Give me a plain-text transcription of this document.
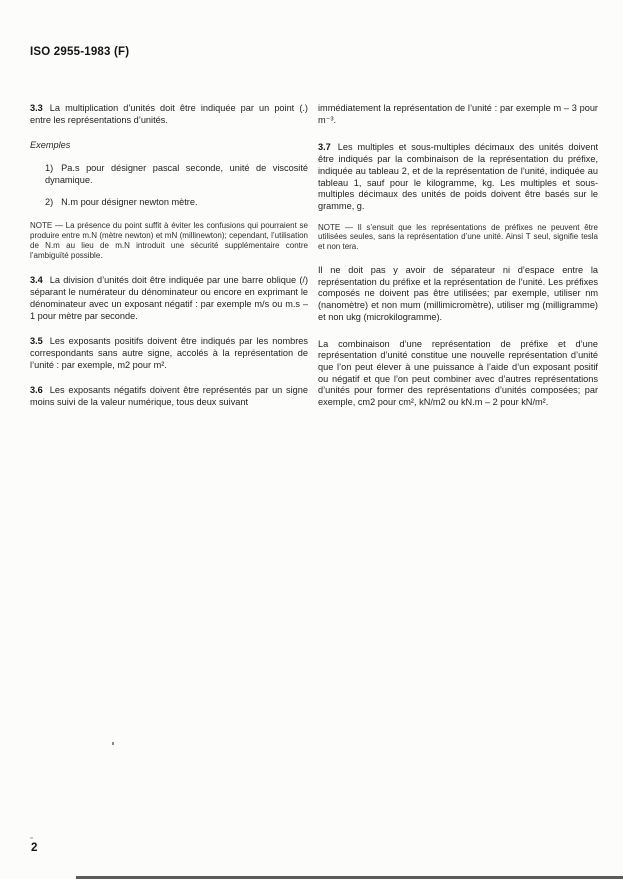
ISO 2955-1983 (F)

3.3 La multiplication d’unités doit être indiquée par un point (.) entre les représentations d’unités.

Exemples

1) Pa.s pour désigner pascal seconde, unité de viscosité dynamique.

2) N.m pour désigner newton mètre.

NOTE — La présence du point suffit à éviter les confusions qui pourraient se produire entre m.N (mètre newton) et mN (millinewton); cependant, l’utilisation de N.m au lieu de m.N introduit une sécurité supplémentaire contre l’ambiguïté possible.

3.4 La division d’unités doit être indiquée par une barre oblique (/) séparant le numérateur du dénominateur ou encore en exprimant le dénominateur avec un exposant négatif : par exemple m/s ou m.s – 1 pour mètre par seconde.

3.5 Les exposants positifs doivent être indiqués par les nombres correspondants sans autre signe, accolés à la représentation de l’unité : par exemple, m2 pour m².

3.6 Les exposants négatifs doivent être représentés par un signe moins suivi de la valeur numérique, tous deux suivant

immédiatement la représentation de l’unité : par exemple m – 3 pour m⁻³.

3.7 Les multiples et sous-multiples décimaux des unités doivent être indiqués par la combinaison de la représentation du préfixe, indiquée au tableau 2, et de la représentation de l’unité, indiquée au tableau 1, sauf pour le kilogramme, kg. Les multiples et sous-multiples décimaux des unités de poids doivent être basés sur le gramme, g.

NOTE — Il s’ensuit que les représentations de préfixes ne peuvent être utilisées seules, sans la représentation d’une unité. Ainsi T seul, signifie tesla et non tera.

Il ne doit pas y avoir de séparateur ni d’espace entre la représentation du préfixe et la représentation de l’unité. Les préfixes composés ne doivent pas être utilisées; par exemple, utiliser nm (nanomètre) et non mum (millimicromètre), utiliser mg (milligramme) et non ukg (microkilogramme).

La combinaison d’une représentation de préfixe et d’une représentation d’unité constitue une nouvelle représentation d’unité que l’on peut élever à une puissance à l’aide d’un exposant positif ou négatif et que l’on peut combiner avec d’autres représentations d’unités pour former des représentations d’unités composées; par exemple, cm2 pour cm², kN/m2 ou kN.m – 2 pour kN/m².

2
